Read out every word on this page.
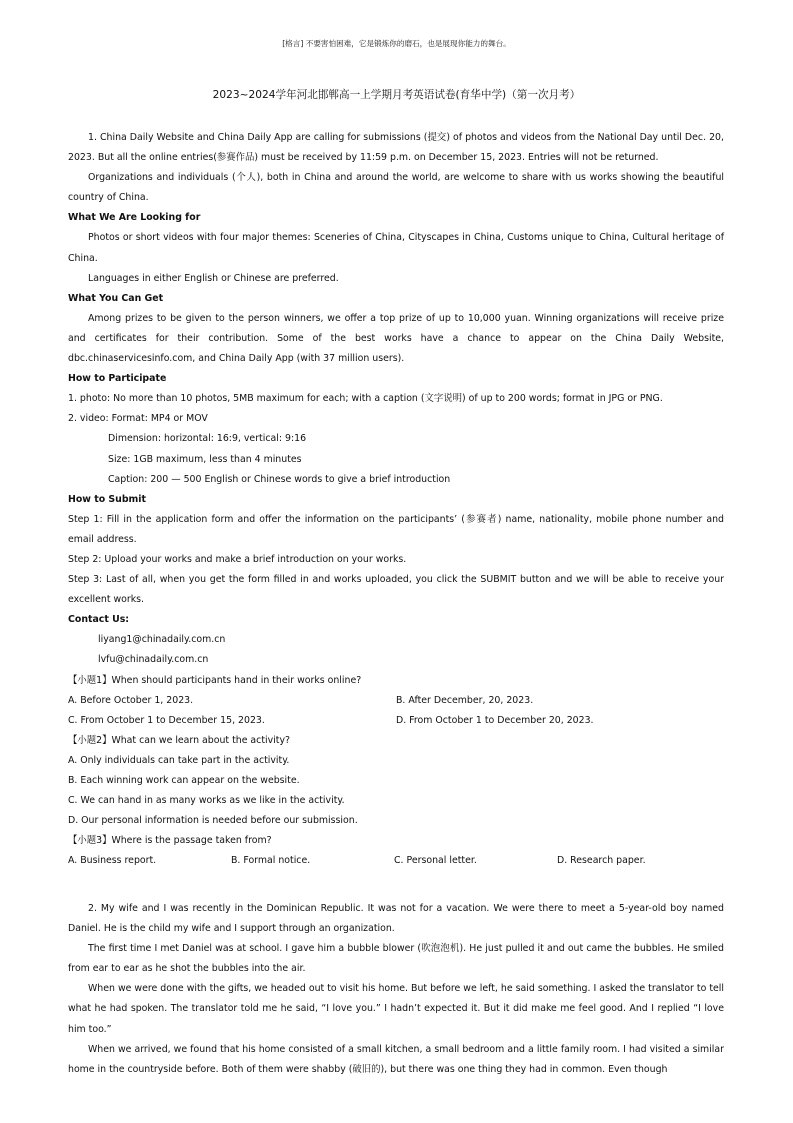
[格言] 不要害怕困难，它是锻炼你的磨石，也是展现你能力的舞台。
2023~2024学年河北邯郸高一上学期月考英语试卷(育华中学)（第一次月考）

1. China Daily Website and China Daily App are calling for submissions (提交) of photos and videos from the National Day until Dec. 20, 2023. But all the online entries(参赛作品) must be received by 11:59 p.m. on December 15, 2023. Entries will not be returned.

Organizations and individuals (个人), both in China and around the world, are welcome to share with us works showing the beautiful country of China.

What We Are Looking for

Photos or short videos with four major themes: Sceneries of China, Cityscapes in China, Customs unique to China, Cultural heritage of China.

Languages in either English or Chinese are preferred.

What You Can Get

Among prizes to be given to the person winners, we offer a top prize of up to 10,000 yuan. Winning organizations will receive prize and certificates for their contribution. Some of the best works have a chance to appear on the China Daily Website, dbc.chinaservicesinfo.com, and China Daily App (with 37 million users).

How to Participate

1. photo: No more than 10 photos, 5MB maximum for each; with a caption (文字说明) of up to 200 words; format in JPG or PNG.

2. video: Format: MP4 or MOV

Dimension: horizontal: 16:9, vertical: 9:16

Size: 1GB maximum, less than 4 minutes

Caption: 200 — 500 English or Chinese words to give a brief introduction

How to Submit

Step 1: Fill in the application form and offer the information on the participants’ (参赛者) name, nationality, mobile phone number and email address.

Step 2: Upload your works and make a brief introduction on your works.

Step 3: Last of all, when you get the form filled in and works uploaded, you click the SUBMIT button and we will be able to receive your excellent works.

Contact Us:

liyang1@chinadaily.com.cn

lvfu@chinadaily.com.cn

【小题1】When should participants hand in their works online?

A. Before October 1, 2023.	B. After December, 20, 2023.
C. From October 1 to December 15, 2023.	D. From October 1 to December 20, 2023.

【小题2】What can we learn about the activity?

A. Only individuals can take part in the activity.

B. Each winning work can appear on the website.

C. We can hand in as many works as we like in the activity.

D. Our personal information is needed before our submission.

【小题3】Where is the passage taken from?

A. Business report.	B. Formal notice.	C. Personal letter.	D. Research paper.

2. My wife and I was recently in the Dominican Republic. It was not for a vacation. We were there to meet a 5-year-old boy named Daniel. He is the child my wife and I support through an organization.

The first time I met Daniel was at school. I gave him a bubble blower (吹泡泡机). He just pulled it and out came the bubbles. He smiled from ear to ear as he shot the bubbles into the air.

When we were done with the gifts, we headed out to visit his home. But before we left, he said something. I asked the translator to tell what he had spoken. The translator told me he said, “I love you.” I hadn’t expected it. But it did make me feel good. And I replied “I love him too.”

When we arrived, we found that his home consisted of a small kitchen, a small bedroom and a little family room. I had visited a similar home in the countryside before. Both of them were shabby (破旧的), but there was one thing they had in common. Even though
